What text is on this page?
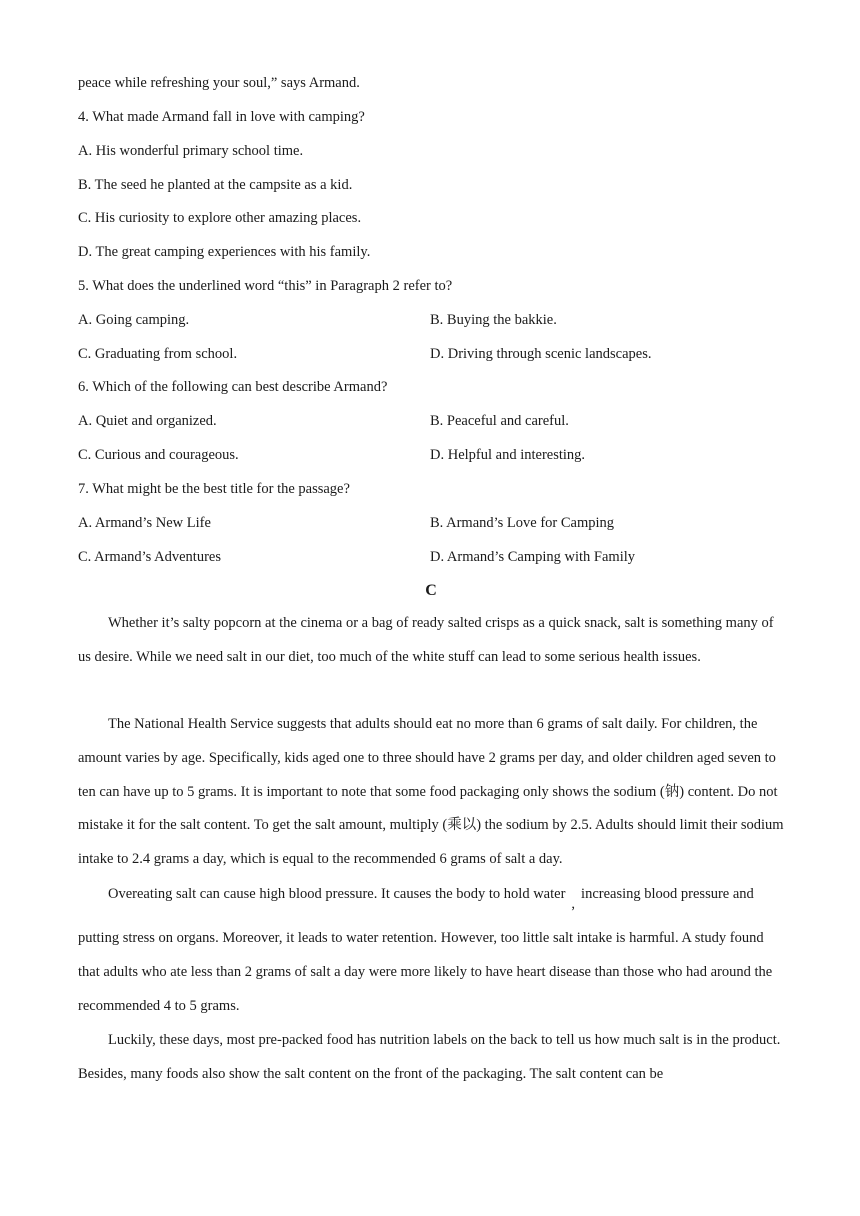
peace while refreshing your soul,” says Armand.
4. What made Armand fall in love with camping?
A. His wonderful primary school time.
B. The seed he planted at the campsite as a kid.
C. His curiosity to explore other amazing places.
D. The great camping experiences with his family.
5. What does the underlined word “this” in Paragraph 2 refer to?
A. Going camping.	B. Buying the bakkie.
C. Graduating from school.	D. Driving through scenic landscapes.
6. Which of the following can best describe Armand?
A. Quiet and organized.	B. Peaceful and careful.
C. Curious and courageous.	D. Helpful and interesting.
7. What might be the best title for the passage?
A. Armand’s New Life	B. Armand’s Love for Camping
C. Armand’s Adventures	D. Armand’s Camping with Family
C
Whether it’s salty popcorn at the cinema or a bag of ready salted crisps as a quick snack, salt is something many of us desire. While we need salt in our diet, too much of the white stuff can lead to some serious health issues.
The National Health Service suggests that adults should eat no more than 6 grams of salt daily. For children, the amount varies by age. Specifically, kids aged one to three should have 2 grams per day, and older children aged seven to ten can have up to 5 grams. It is important to note that some food packaging only shows the sodium (钠) content. Do not mistake it for the salt content. To get the salt amount, multiply (乘以) the sodium by 2.5. Adults should limit their sodium intake to 2.4 grams a day, which is equal to the recommended 6 grams of salt a day.
Overeating salt can cause high blood pressure. It causes the body to hold water,increasing blood pressure and
putting stress on organs. Moreover, it leads to water retention. However, too little salt intake is harmful. A study found that adults who ate less than 2 grams of salt a day were more likely to have heart disease than those who had around the recommended 4 to 5 grams.
Luckily, these days, most pre-packed food has nutrition labels on the back to tell us how much salt is in the product. Besides, many foods also show the salt content on the front of the packaging. The salt content can be
